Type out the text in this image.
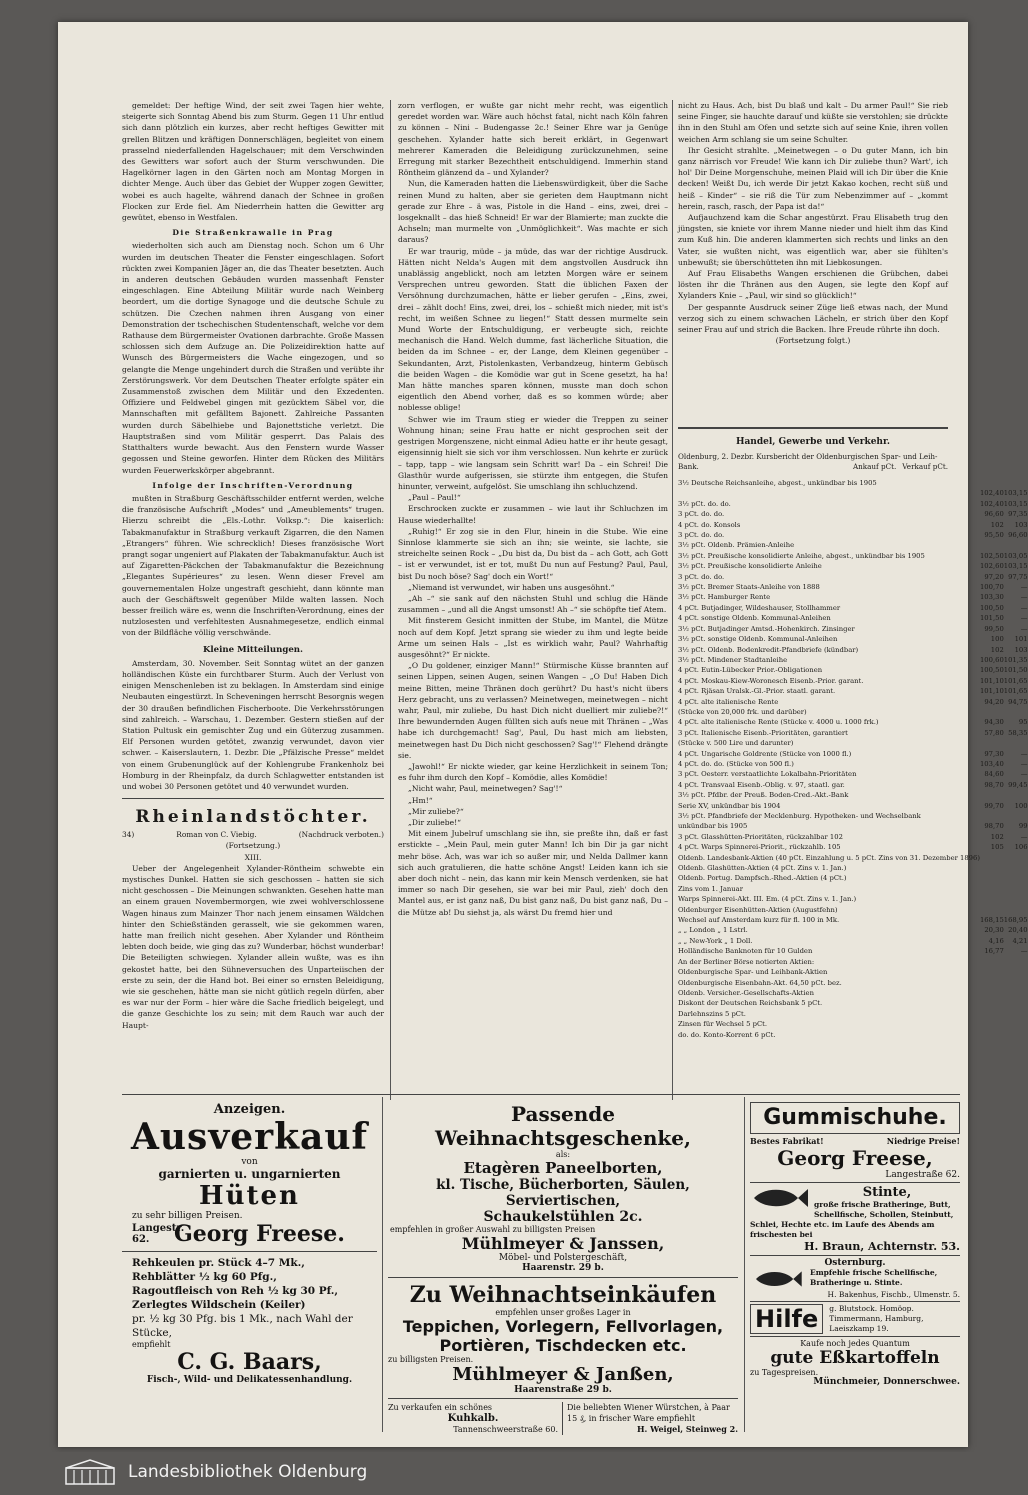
gemeldet: Der heftige Wind, der seit zwei Tagen hier wehte, steigerte sich Sonntag Abend bis zum Sturm. Gegen 11 Uhr entlud sich dann plötzlich ein kurzes, aber recht heftiges Gewitter mit grellen Blitzen und kräftigen Donnerschlägen, begleitet von einem prasselnd niederfallenden Hagelschauer; mit dem Verschwinden des Gewitters war sofort auch der Sturm verschwunden. Die Hagelkörner lagen in den Gärten noch am Montag Morgen in dichter Menge. Auch über das Gebiet der Wupper zogen Gewitter, wobei es auch hagelte, während danach der Schnee in großen Flocken zur Erde fiel. Am Niederrhein hatten die Gewitter arg gewütet, ebenso in Westfalen.

Die Straßenkrawalle in Prag

wiederholten sich auch am Dienstag noch. Schon um 6 Uhr wurden im deutschen Theater die Fenster eingeschlagen. Sofort rückten zwei Kompanien Jäger an, die das Theater besetzten. Auch in anderen deutschen Gebäuden wurden massenhaft Fenster eingeschlagen. Eine Abteilung Militär wurde nach Weinberg beordert, um die dortige Synagoge und die deutsche Schule zu schützen. Die Czechen nahmen ihren Ausgang von einer Demonstration der tschechischen Studentenschaft, welche vor dem Rathause dem Bürgermeister Ovationen darbrachte. Große Massen schlossen sich dem Aufzuge an. Die Polizeidirektion hatte auf Wunsch des Bürgermeisters die Wache eingezogen, und so gelangte die Menge ungehindert durch die Straßen und verübte ihr Zerstörungswerk. Vor dem Deutschen Theater erfolgte später ein Zusammenstoß zwischen dem Militär und den Exzedenten. Offiziere und Feldwebel gingen mit gezücktem Säbel vor, die Mannschaften mit gefälltem Bajonett. Zahlreiche Passanten wurden durch Säbelhiebe und Bajonettstiche verletzt. Die Hauptstraßen sind vom Militär gesperrt. Das Palais des Statthalters wurde bewacht. Aus den Fenstern wurde Wasser gegossen und Steine geworfen. Hinter dem Rücken des Militärs wurden Feuerwerkskörper abgebrannt.

Infolge der Inschriften-Verordnung

mußten in Straßburg Geschäftsschilder entfernt werden, welche die französische Aufschrift „Modes“ und „Ameublements“ trugen. Hierzu schreibt die „Els.-Lothr. Volksp.“: Die kaiserlich: Tabakmanufaktur in Straßburg verkauft Zigarren, die den Namen „Etrangers“ führen. Wie schrecklich! Dieses französische Wort prangt sogar ungeniert auf Plakaten der Tabakmanufaktur. Auch ist auf Zigaretten-Päckchen der Tabakmanufaktur die Bezeichnung „Elegantes Supérieures“ zu lesen. Wenn dieser Frevel am gouvernementalen Holze ungestraft geschieht, dann könnte man auch der Geschäftswelt gegenüber Milde walten lassen. Noch besser freilich wäre es, wenn die Inschriften-Verordnung, eines der nutzlosesten und verfehltesten Ausnahmegesetze, endlich einmal von der Bildfläche völlig verschwände.

Kleine Mitteilungen.

Amsterdam, 30. November. Seit Sonntag wütet an der ganzen holländischen Küste ein furchtbarer Sturm. Auch der Verlust von einigen Menschenleben ist zu beklagen. In Amsterdam sind einige Neubauten eingestürzt. In Scheveningen herrscht Besorgnis wegen der 30 draußen befindlichen Fischerboote. Die Verkehrsstörungen sind zahlreich. – Warschau, 1. Dezember. Gestern stießen auf der Station Pultusk ein gemischter Zug und ein Güterzug zusammen. Elf Personen wurden getötet, zwanzig verwundet, davon vier schwer. – Kaiserslautern, 1. Dezbr. Die „Pfälzische Presse“ meldet von einem Grubenunglück auf der Kohlengrube Frankenholz bei Homburg in der Rheinpfalz, da durch Schlagwetter entstanden ist und wobei 30 Personen getötet und 40 verwundet wurden.

Rheinlandstöchter.
34)	Roman von C. Viebig.	(Nachdruck verboten.)
(Fortsetzung.)
XIII.

Ueber der Angelegenheit Xylander-Röntheim schwebte ein mystisches Dunkel. Hatten sie sich geschossen – hatten sie sich nicht geschossen – Die Meinungen schwankten. Gesehen hatte man an einem grauen Novembermorgen, wie zwei wohlverschlossene Wagen hinaus zum Mainzer Thor nach jenem einsamen Wäldchen hinter den Schießständen gerasselt, wie sie gekommen waren, hatte man freilich nicht gesehen. Aber Xylander und Röntheim lebten doch beide, wie ging das zu? Wunderbar, höchst wunderbar! Die Beteiligten schwiegen. Xylander allein wußte, was es ihn gekostet hatte, bei den Sühneversuchen des Unparteiischen der erste zu sein, der die Hand bot. Bei einer so ernsten Beleidigung, wie sie geschehen, hätte man sie nicht gütlich regeln dürfen, aber es war nur der Form – hier wäre die Sache friedlich beigelegt, und die ganze Geschichte los zu sein; mit dem Rauch war auch der Haupt-

zorn verflogen, er wußte gar nicht mehr recht, was eigentlich geredet worden war. Wäre auch höchst fatal, nicht nach Köln fahren zu können – Nini – Budengasse 2c.! Seiner Ehre war ja Genüge geschehen. Xylander hatte sich bereit erklärt, in Gegenwart mehrerer Kameraden die Beleidigung zurückzunehmen, seine Erregung mit starker Bezechtheit entschuldigend. Immerhin stand Röntheim glänzend da – und Xylander?

Nun, die Kameraden hatten die Liebenswürdigkeit, über die Sache reinen Mund zu halten, aber sie gerieten dem Hauptmann nicht gerade zur Ehre – ä was, Pistole in die Hand – eins, zwei, drei – losgeknallt – das hieß Schneid! Er war der Blamierte; man zuckte die Achseln; man murmelte von „Unmöglichkeit“. Was machte er sich daraus?

Er war traurig, müde – ja müde, das war der richtige Ausdruck. Hätten nicht Nelda's Augen mit dem angstvollen Ausdruck ihn unablässig angeblickt, noch am letzten Morgen wäre er seinem Versprechen untreu geworden. Statt die üblichen Faxen der Versöhnung durchzumachen, hätte er lieber gerufen – „Eins, zwei, drei – zählt doch! Eins, zwei, drei, los – schießt mich nieder, mit ist's recht, im weißen Schnee zu liegen!“ Statt dessen murmelte sein Mund Worte der Entschuldigung, er verbeugte sich, reichte mechanisch die Hand. Welch dumme, fast lächerliche Situation, die beiden da im Schnee – er, der Lange, dem Kleinen gegenüber – Sekundanten, Arzt, Pistolenkasten, Verbandzeug, hinterm Gebüsch die beiden Wagen – die Komödie war gut in Scene gesetzt, ha ha! Man hätte manches sparen können, musste man doch schon eigentlich den Abend vorher, daß es so kommen würde; aber noblesse oblige!

Schwer wie im Traum stieg er wieder die Treppen zu seiner Wohnung hinan; seine Frau hatte er nicht gesprochen seit der gestrigen Morgenszene, nicht einmal Adieu hatte er ihr heute gesagt, eigensinnig hielt sie sich vor ihm verschlossen. Nun kehrte er zurück – tapp, tapp – wie langsam sein Schritt war! Da – ein Schrei! Die Glasthür wurde aufgerissen, sie stürzte ihm entgegen, die Stufen hinunter, verweint, aufgelöst. Sie umschlang ihn schluchzend.

„Paul – Paul!“

Erschrocken zuckte er zusammen – wie laut ihr Schluchzen im Hause wiederhallte!

„Ruhig!“ Er zog sie in den Flur, hinein in die Stube. Wie eine Sinnlose klammerte sie sich an ihn; sie weinte, sie lachte, sie streichelte seinen Rock – „Du bist da, Du bist da – ach Gott, ach Gott – ist er verwundet, ist er tot, mußt Du nun auf Festung? Paul, Paul, bist Du noch böse? Sag' doch ein Wort!“

„Niemand ist verwundet, wir haben uns ausgesöhnt.“

„Ah –“ sie sank auf den nächsten Stuhl und schlug die Hände zusammen – „und all die Angst umsonst! Ah –“ sie schöpfte tief Atem.

Mit finsterem Gesicht inmitten der Stube, im Mantel, die Mütze noch auf dem Kopf. Jetzt sprang sie wieder zu ihm und legte beide Arme um seinen Hals – „Ist es wirklich wahr, Paul? Wahrhaftig ausgesöhnt?“ Er nickte.

„O Du goldener, einziger Mann!“ Stürmische Küsse brannten auf seinen Lippen, seinen Augen, seinen Wangen – „O Du! Haben Dich meine Bitten, meine Thränen doch gerührt? Du hast's nicht übers Herz gebracht, uns zu verlassen? Meinetwegen, meinetwegen – nicht wahr, Paul, mir zuliebe, Du hast Dich nicht duelliert mir zuliebe?!“ Ihre bewundernden Augen füllten sich aufs neue mit Thränen – „Was habe ich durchgemacht! Sag', Paul, Du hast mich am liebsten, meinetwegen hast Du Dich nicht geschossen? Sag'!“ Flehend drängte sie.

„Jawohl!“ Er nickte wieder, gar keine Herzlichkeit in seinem Ton; es fuhr ihm durch den Kopf – Komödie, alles Komödie!

„Nicht wahr, Paul, meinetwegen? Sag'!“

„Hm!“

„Mir zuliebe?“

„Dir zuliebe!“

Mit einem Jubelruf umschlang sie ihn, sie preßte ihn, daß er fast erstickte – „Mein Paul, mein guter Mann! Ich bin Dir ja gar nicht mehr böse. Ach, was war ich so außer mir, und Nelda Dallmer kann sich auch gratulieren, die hatte schöne Angst! Leiden kann ich sie aber doch nicht – nein, das kann mir kein Mensch verdenken, sie hat immer so nach Dir gesehen, sie war bei mir Paul, zieh' doch den Mantel aus, er ist ganz naß, Du bist ganz naß, Du bist ganz naß, Du – die Mütze ab! Du siehst ja, als wärst Du fremd hier und

nicht zu Haus. Ach, bist Du blaß und kalt – Du armer Paul!“ Sie rieb seine Finger, sie hauchte darauf und küßte sie verstohlen; sie drückte ihn in den Stuhl am Ofen und setzte sich auf seine Knie, ihren vollen weichen Arm schlang sie um seine Schulter.

Ihr Gesicht strahlte. „Meinetwegen – o Du guter Mann, ich bin ganz närrisch vor Freude! Wie kann ich Dir zuliebe thun? Wart', ich hol' Dir Deine Morgenschuhe, meinen Plaid will ich Dir über die Knie decken! Weißt Du, ich werde Dir jetzt Kakao kochen, recht süß und heiß – Kinder“ – sie riß die Tür zum Nebenzimmer auf – „kommt herein, rasch, rasch, der Papa ist da!“

Aufjauchzend kam die Schar angestürzt. Frau Elisabeth trug den jüngsten, sie kniete vor ihrem Manne nieder und hielt ihm das Kind zum Kuß hin. Die anderen klammerten sich rechts und links an den Vater, sie wußten nicht, was eigentlich war, aber sie fühlten's unbewußt; sie überschütteten ihn mit Liebkosungen.

Auf Frau Elisabeths Wangen erschienen die Grübchen, dabei lösten ihr die Thränen aus den Augen, sie legte den Kopf auf Xylanders Knie – „Paul, wir sind so glücklich!“

Der gespannte Ausdruck seiner Züge ließ etwas nach, der Mund verzog sich zu einem schwachen Lächeln, er strich über den Kopf seiner Frau auf und strich die Backen. Ihre Freude rührte ihn doch.

(Fortsetzung folgt.)
Handel, Gewerbe und Verkehr.
Oldenburg, 2. Dezbr. Kursbericht der Oldenburgischen Spar- und Leih-Bank.	Verkauf pCt.
Ankauf pCt.
3½ Deutsche Reichsanleihe, abgest., unkündbar bis 1905		
	102,40	103,15
3½ pCt. do. do.	102,40	103,15
3 pCt. do. do.	96,60	97,35
4 pCt. do. Konsols	102	103
3 pCt. do. do.	95,50	96,60
3½ pCt. Oldenb. Prämien-Anleihe		
3½ pCt. Preußische konsolidierte Anleihe, abgest., unkündbar bis 1905	102,50	103,05
3½ pCt. Preußische konsolidierte Anleihe	102,60	103,15
3 pCt. do. do.	97,20	97,75
3½ pCt. Bremer Staats-Anleihe von 1888	100,70	—
3½ pCt. Hamburger Rente	103,30	—
4 pCt. Butjadinger, Wildeshauser, Stollhammer	100,50	—
4 pCt. sonstige Oldenb. Kommunal-Anleihen	101,50	—
3½ pCt. Butjadinger Amtsd.-Hohenkirch. Zinsinger	99,50	—
3½ pCt. sonstige Oldenb. Kommunal-Anleihen	100	101
3½ pCt. Oldenb. Bodenkredit-Pfandbriefe (kündbar)	102	103
3½ pCt. Mindener Stadtanleihe	100,60	101,35
4 pCt. Eutin-Lübecker Prior.-Obligationen	100,50	101,50
4 pCt. Moskau-Kiew-Woronesch Eisenb.-Prior. garant.	101,10	101,65
4 pCt. Rjäsan Uralsk.-Gl.-Prior. staatl. garant.	101,10	101,65
4 pCt. alte italienische Rente	94,20	94,75
(Stücke von 20,000 frk. und darüber)		
4 pCt. alte italienische Rente (Stücke v. 4000 u. 1000 frk.)	94,30	95
3 pCt. Italienische Eisenb.-Prioritäten, garantiert	57,80	58,35
(Stücke v. 500 Lire und darunter)		
4 pCt. Ungarische Goldrente (Stücke von 1000 fl.)	97,30	—
4 pCt. do. do. (Stücke von 500 fl.)	103,40	—
3 pCt. Oesterr. verstaatlichte Lokalbahn-Prioritäten	84,60	—
4 pCt. Transvaal Eisenb.-Oblig. v. 97, staatl. gar.	98,70	99,45
3½ pCt. Pfdbr. der Preuß. Boden-Cred.-Akt.-Bank		
Serie XV, unkündbar bis 1904	99,70	100
3½ pCt. Pfandbriefe der Mecklenburg. Hypotheken- und Wechselbank		
unkündbar bis 1905	98,70	99
3 pCt. Glasshütten-Prioritäten, rückzahlbar 102	102	—
4 pCt. Warps Spinnerei-Priorit., rückzahlb. 105	105	106
Oldenb. Landesbank-Aktien (40 pCt. Einzahlung u. 5 pCt. Zins von 31. Dezember 1896)		
Oldenb. Glashütten-Aktien (4 pCt. Zins v. 1. Jan.)		
Oldenb. Portug. Dampfsch.-Rhed.-Aktien (4 pCt.)		
Zins vom 1. Januar		
Warps Spinnerei-Akt. III. Em. (4 pCt. Zins v. 1. Jan.)		
Oldenburger Eisenhütten-Aktien (Augustfehn)		
Wechsel auf Amsterdam kurz für fl. 100 in Mk.	168,15	168,95
„ „ London „ 1 Lstrl.	20,30	20,40
„ „ New-York „ 1 Doll.	4,16	4,21
Holländische Banknoten für 10 Gulden	16,77	—
An der Berliner Börse notierten Aktien:		
Oldenburgische Spar- und Leihbank-Aktien		
Oldenburgische Eisenbahn-Akt. 64,50 pCt. bez.		
Oldenb. Versicher.-Gesellschafts-Aktien		
Diskont der Deutschen Reichsbank 5 pCt.		
Darlehnszins 5 pCt.		
Zinsen für Wechsel 5 pCt.		
do. do. Konto-Korrent 6 pCt.		
Anzeigen.
Ausverkauf
von
garnierten u. ungarnierten
Hüten
zu sehr billigen Preisen.
Langestr. 62.	Georg Freese.
Rehkeulen pr. Stück 4–7 Mk.,
Rehblätter ½ kg 60 Pfg.,
Ragoutfleisch von Reh ½ kg 30 Pf.,
Zerlegtes Wildschein (Keiler)
pr. ½ kg 30 Pfg. bis 1 Mk., nach Wahl der Stücke,
empfiehlt
C. G. Baars,
Fisch-, Wild- und Delikatessenhandlung.
Passende Weihnachtsgeschenke,
als:
Etagèren Paneelborten,
kl. Tische, Bücherborten, Säulen, Serviertischen,
Schaukelstühlen 2c.
empfehlen in großer Auswahl zu billigsten Preisen
Mühlmeyer & Janssen,
Möbel- und Polstergeschäft,
Haarenstr. 29 b.
Zu Weihnachtseinkäufen
empfehlen unser großes Lager in
Teppichen, Vorlegern, Fellvorlagen,
Portièren, Tischdecken etc.
zu billigsten Preisen.
Mühlmeyer & Janßen,
Haarenstraße 29 b.
Zu verkaufen ein schönes
Kuhkalb.
Tannenschweerstraße 60.
Die beliebten Wiener Würstchen, à Paar 15 ₰, in frischer Ware empfiehlt
H. Weigel, Steinweg 2.
Gummischuhe.
Bestes Fabrikat!	Niedrige Preise!
Georg Freese,
Langestraße 62.
Stinte,
große frische Bratheringe, Butt, Schellfische, Schollen, Steinbutt,
Schlei, Hechte etc. im Laufe des Abends am frischesten bei
H. Braun, Achternstr. 53.
Osternburg.
Empfehle frische Schellfische, Bratheringe u. Stinte.
H. Bakenhus, Fischb., Ulmenstr. 5.
Hilfe	g. Blutstock. Homöop. Timmermann, Hamburg, Laeiszkamp 19.
Kaufe noch jedes Quantum
gute Eßkartoffeln
zu Tagespreisen.
Münchmeier, Donnerschwee.
Landesbibliothek Oldenburg
